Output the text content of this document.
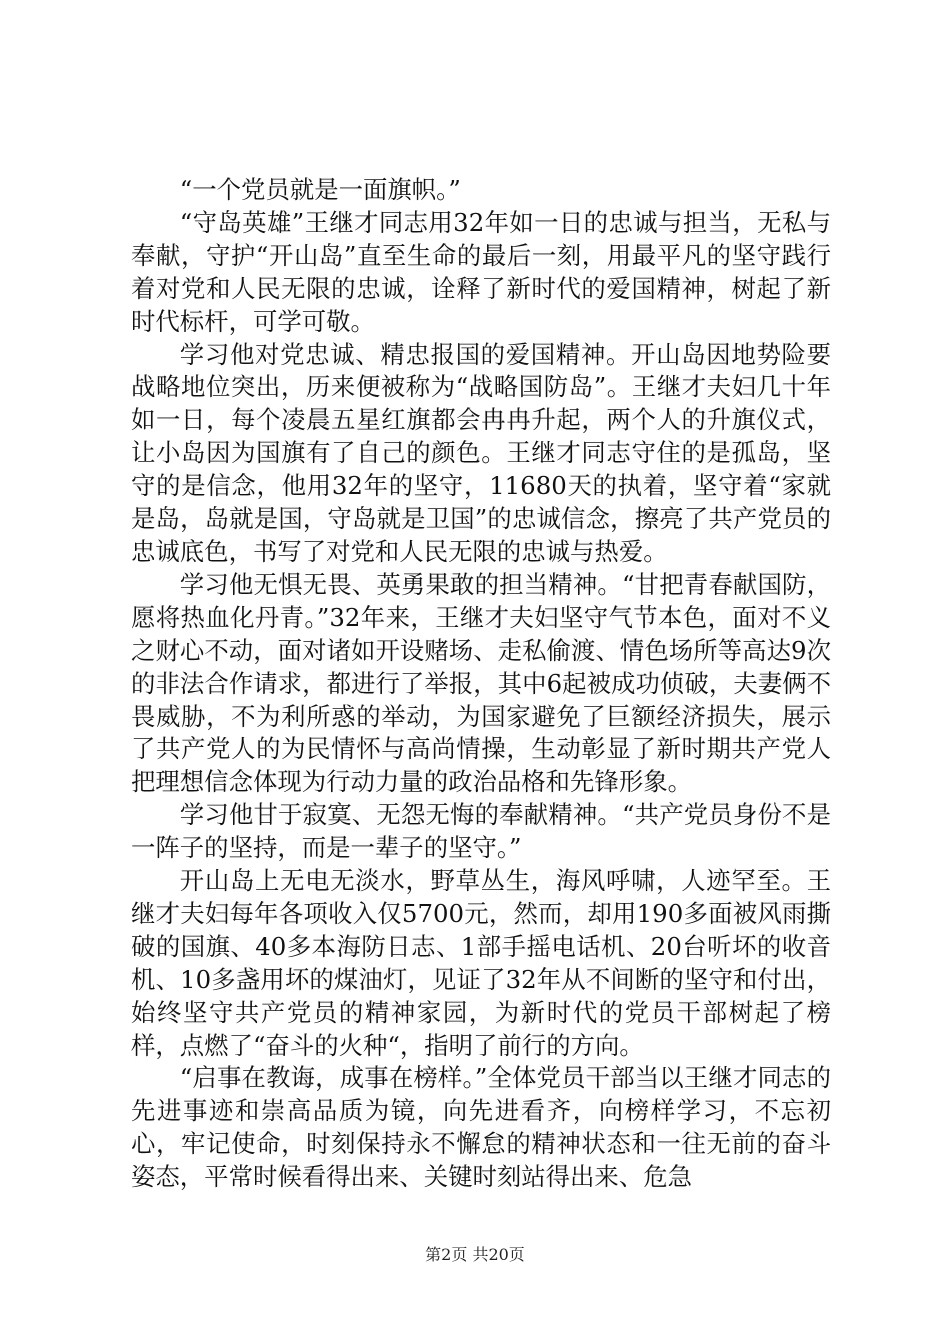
“一个党员就是一面旗帜。”

“守岛英雄”王继才同志用32年如一日的忠诚与担当，无私与奉献，守护“开山岛”直至生命的最后一刻，用最平凡的坚守践行着对党和人民无限的忠诚，诠释了新时代的爱国精神，树起了新时代标杆，可学可敬。

学习他对党忠诚、精忠报国的爱国精神。开山岛因地势险要战略地位突出，历来便被称为“战略国防岛”。王继才夫妇几十年如一日，每个凌晨五星红旗都会冉冉升起，两个人的升旗仪式，让小岛因为国旗有了自己的颜色。王继才同志守住的是孤岛，坚守的是信念，他用32年的坚守，11680天的执着，坚守着“家就是岛，岛就是国，守岛就是卫国”的忠诚信念，擦亮了共产党员的忠诚底色，书写了对党和人民无限的忠诚与热爱。

学习他无惧无畏、英勇果敢的担当精神。“甘把青春献国防，愿将热血化丹青。”32年来，王继才夫妇坚守气节本色，面对不义之财心不动，面对诸如开设赌场、走私偷渡、情色场所等高达9次的非法合作请求，都进行了举报，其中6起被成功侦破，夫妻俩不畏威胁，不为利所惑的举动，为国家避免了巨额经济损失，展示了共产党人的为民情怀与高尚情操，生动彰显了新时期共产党人把理想信念体现为行动力量的政治品格和先锋形象。

学习他甘于寂寞、无怨无悔的奉献精神。“共产党员身份不是一阵子的坚持，而是一辈子的坚守。”

开山岛上无电无淡水，野草丛生，海风呼啸，人迹罕至。王继才夫妇每年各项收入仅5700元，然而，却用190多面被风雨撕破的国旗、40多本海防日志、1部手摇电话机、20台听坏的收音机、10多盏用坏的煤油灯，见证了32年从不间断的坚守和付出，始终坚守共产党员的精神家园，为新时代的党员干部树起了榜样，点燃了“奋斗的火种“，指明了前行的方向。

“启事在教诲，成事在榜样。”全体党员干部当以王继才同志的先进事迹和崇高品质为镜，向先进看齐，向榜样学习，不忘初心，牢记使命，时刻保持永不懈怠的精神状态和一往无前的奋斗姿态，平常时候看得出来、关键时刻站得出来、危急

第2页 共20页
